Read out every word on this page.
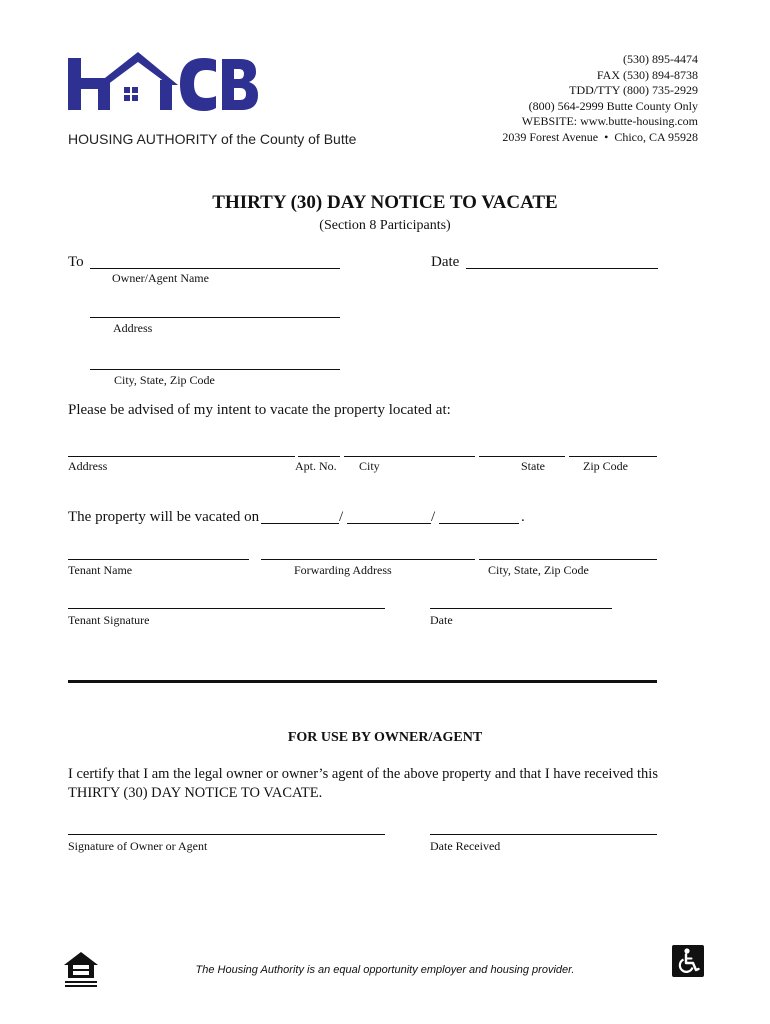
HOUSING AUTHORITY of the County of Butte
(530) 895-4474
FAX (530) 894-8738
TDD/TTY (800) 735-2929
(800) 564-2999 Butte County Only
WEBSITE: www.butte-housing.com
2039 Forest Avenue • Chico, CA 95928
THIRTY (30) DAY NOTICE TO VACATE
(Section 8 Participants)
To
Owner/Agent Name
Date
Address
City, State, Zip Code
Please be advised of my intent to vacate the property located at:
Address	Apt. No. City	State	Zip Code
The property will be vacated on	/	/	.
Tenant Name	Forwarding Address	City, State, Zip Code
Tenant Signature	Date
FOR USE BY OWNER/AGENT
I certify that I am the legal owner or owner’s agent of the above property and that I have received this THIRTY (30) DAY NOTICE TO VACATE.
Signature of Owner or Agent	Date Received
The Housing Authority is an equal opportunity employer and housing provider.
